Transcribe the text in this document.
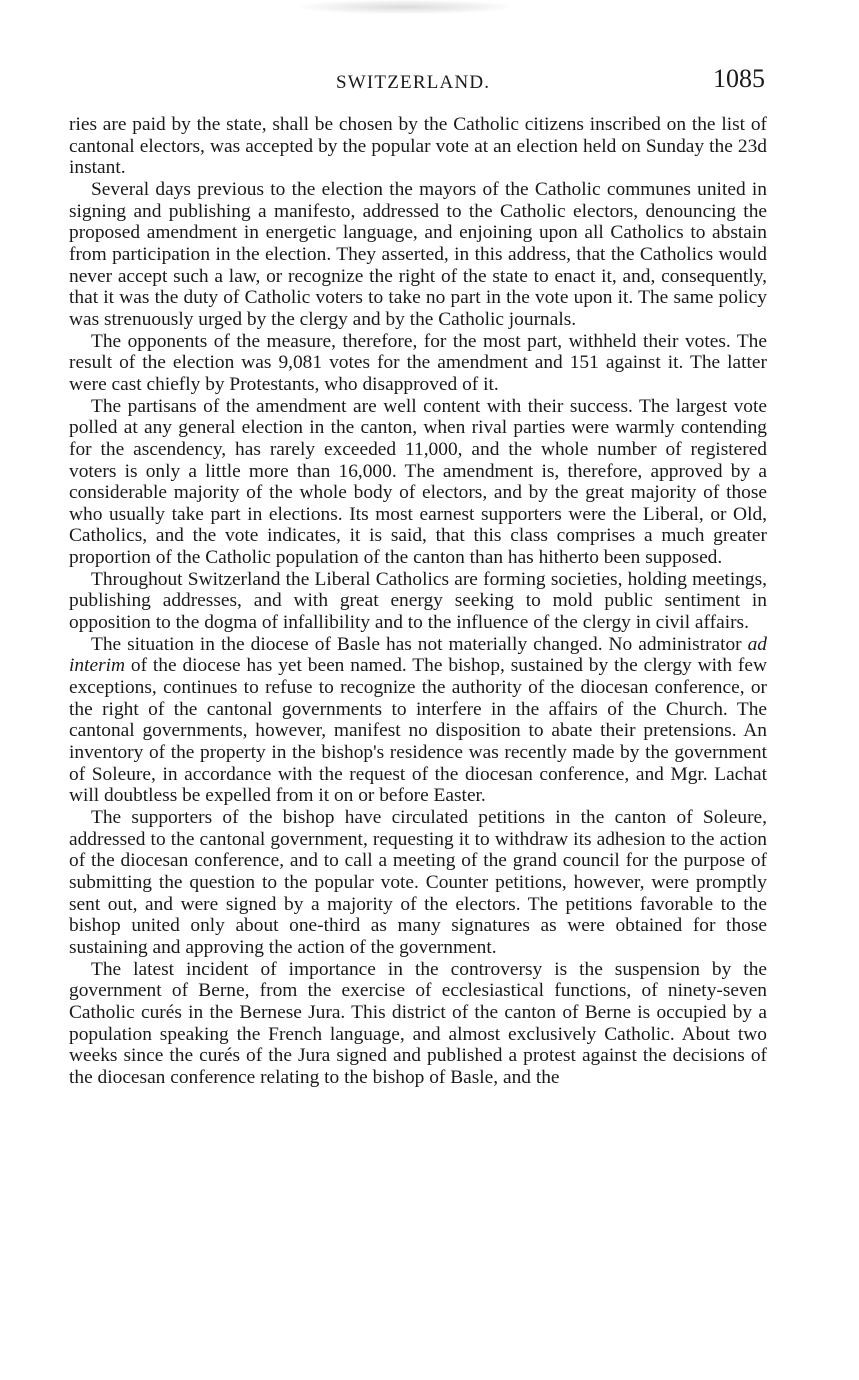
SWITZERLAND.	1085

ries are paid by the state, shall be chosen by the Catholic citizens inscribed on the list of cantonal electors, was accepted by the popular vote at an election held on Sunday the 23d instant.

Several days previous to the election the mayors of the Catholic communes united in signing and publishing a manifesto, addressed to the Catholic electors, denouncing the proposed amendment in energetic language, and enjoining upon all Catholics to abstain from participation in the election. They asserted, in this address, that the Catholics would never accept such a law, or recognize the right of the state to enact it, and, consequently, that it was the duty of Catholic voters to take no part in the vote upon it. The same policy was strenuously urged by the clergy and by the Catholic journals.

The opponents of the measure, therefore, for the most part, withheld their votes. The result of the election was 9,081 votes for the amendment and 151 against it. The latter were cast chiefly by Protestants, who disapproved of it.

The partisans of the amendment are well content with their success. The largest vote polled at any general election in the canton, when rival parties were warmly contending for the ascendency, has rarely exceeded 11,000, and the whole number of registered voters is only a little more than 16,000. The amendment is, therefore, approved by a considerable majority of the whole body of electors, and by the great majority of those who usually take part in elections. Its most earnest supporters were the Liberal, or Old, Catholics, and the vote indicates, it is said, that this class comprises a much greater proportion of the Catholic population of the canton than has hitherto been supposed.

Throughout Switzerland the Liberal Catholics are forming societies, holding meetings, publishing addresses, and with great energy seeking to mold public sentiment in opposition to the dogma of infallibility and to the influence of the clergy in civil affairs.

The situation in the diocese of Basle has not materially changed. No administrator ad interim of the diocese has yet been named. The bishop, sustained by the clergy with few exceptions, continues to refuse to recognize the authority of the diocesan conference, or the right of the cantonal governments to interfere in the affairs of the Church. The cantonal governments, however, manifest no disposition to abate their pretensions. An inventory of the property in the bishop's residence was recently made by the government of Soleure, in accordance with the request of the diocesan conference, and Mgr. Lachat will doubtless be expelled from it on or before Easter.

The supporters of the bishop have circulated petitions in the canton of Soleure, addressed to the cantonal government, requesting it to withdraw its adhesion to the action of the diocesan conference, and to call a meeting of the grand council for the purpose of submitting the question to the popular vote. Counter petitions, however, were promptly sent out, and were signed by a majority of the electors. The petitions favorable to the bishop united only about one-third as many signatures as were obtained for those sustaining and approving the action of the government.

The latest incident of importance in the controversy is the suspension by the government of Berne, from the exercise of ecclesiastical functions, of ninety-seven Catholic curés in the Bernese Jura. This district of the canton of Berne is occupied by a population speaking the French language, and almost exclusively Catholic. About two weeks since the curés of the Jura signed and published a protest against the decisions of the diocesan conference relating to the bishop of Basle, and the
